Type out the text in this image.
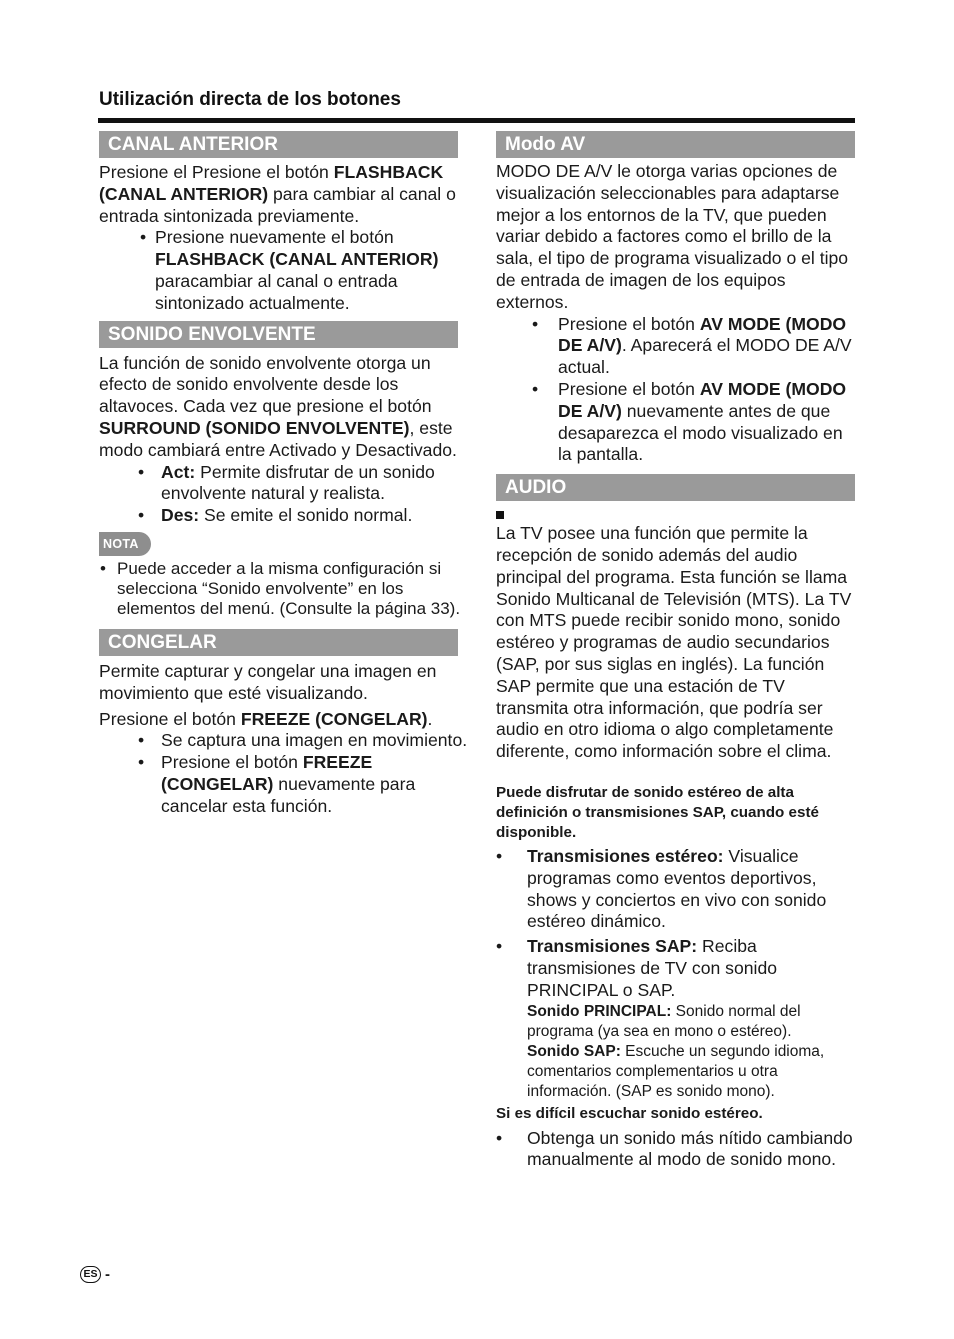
Utilización directa de los botones
CANAL ANTERIOR

Presione el Presione el botón FLASHBACK (CANAL ANTERIOR) para cambiar al canal o entrada sintonizada previamente.

• Presione nuevamente el botón FLASHBACK (CANAL ANTERIOR) paracambiar al canal o entrada sintonizado actualmente.
SONIDO ENVOLVENTE

La función de sonido envolvente otorga un efecto de sonido envolvente desde los altavoces. Cada vez que presione el botón SURROUND (SONIDO ENVOLVENTE), este modo cambiará entre Activado y Desactivado.

• Act: Permite disfrutar de un sonido envolvente natural y realista.
• Des: Se emite el sonido normal.
NOTA
• Puede acceder a la misma configuración si selecciona “Sonido envolvente” en los elementos del menú. (Consulte la página 33).
CONGELAR

Permite capturar y congelar una imagen en movimiento que esté visualizando.

Presione el botón FREEZE (CONGELAR).

• Se captura una imagen en movimiento.
• Presione el botón FREEZE (CONGELAR) nuevamente para cancelar esta función.
Modo AV

MODO DE A/V le otorga varias opciones de visualización seleccionables para adaptarse mejor a los entornos de la TV, que pueden variar debido a factores como el brillo de la sala, el tipo de programa visualizado o el tipo de entrada de imagen de los equipos externos.

• Presione el botón AV MODE (MODO DE A/V). Aparecerá el MODO DE A/V actual.
• Presione el botón AV MODE (MODO DE A/V) nuevamente antes de que desaparezca el modo visualizado en la pantalla.
AUDIO

La TV posee una función que permite la recepción de sonido además del audio principal del programa. Esta función se llama Sonido Multicanal de Televisión (MTS). La TV con MTS puede recibir sonido mono, sonido estéreo y programas de audio secundarios (SAP, por sus siglas en inglés). La función SAP permite que una estación de TV transmita otra información, que podría ser audio en otro idioma o algo completamente diferente, como información sobre el clima.

Puede disfrutar de sonido estéreo de alta definición o transmisiones SAP, cuando esté disponible.

• Transmisiones estéreo: Visualice programas como eventos deportivos, shows y conciertos en vivo con sonido estéreo dinámico.
• Transmisiones SAP: Reciba transmisiones de TV con sonido PRINCIPAL o SAP.
Sonido PRINCIPAL: Sonido normal del programa (ya sea en mono o estéreo).
Sonido SAP: Escuche un segundo idioma, comentarios complementarios u otra información. (SAP es sonido mono).

Si es difícil escuchar sonido estéreo.

• Obtenga un sonido más nítido cambiando manualmente al modo de sonido mono.
ES -
